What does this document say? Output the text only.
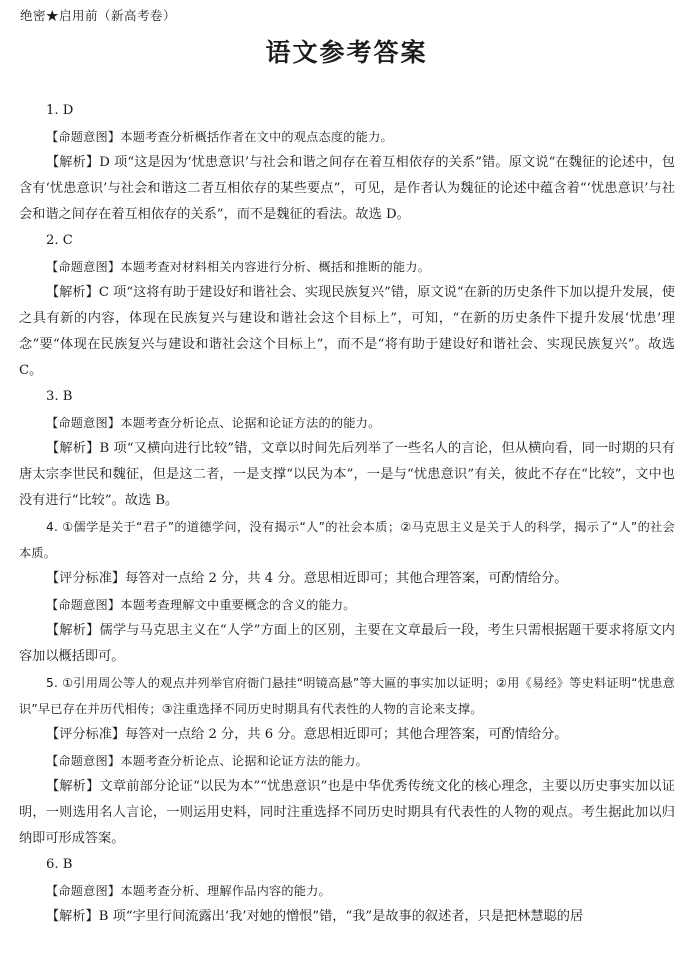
绝密★启用前（新高考卷）
语文参考答案

1. D

【命题意图】本题考查分析概括作者在文中的观点态度的能力。

【解析】D 项“这是因为‘忧患意识’与社会和谐之间存在着互相依存的关系”错。原文说“在魏征的论述中，包含有‘忧患意识’与社会和谐这二者互相依存的某些要点”，可见，是作者认为魏征的论述中蕴含着“‘忧患意识’与社会和谐之间存在着互相依存的关系”，而不是魏征的看法。故选 D。

2. C

【命题意图】本题考查对材料相关内容进行分析、概括和推断的能力。

【解析】C 项“这将有助于建设好和谐社会、实现民族复兴”错，原文说“在新的历史条件下加以提升发展，使之具有新的内容，体现在民族复兴与建设和谐社会这个目标上”，可知，“在新的历史条件下提升发展‘忧患’理念”要“体现在民族复兴与建设和谐社会这个目标上”，而不是“将有助于建设好和谐社会、实现民族复兴”。故选 C。

3. B

【命题意图】本题考查分析论点、论据和论证方法的的能力。

【解析】B 项“又横向进行比较”错，文章以时间先后列举了一些名人的言论，但从横向看，同一时期的只有唐太宗李世民和魏征，但是这二者，一是支撑“以民为本”，一是与“忧患意识”有关，彼此不存在“比较”，文中也没有进行“比较”。故选 B。

4. ①儒学是关于“君子”的道德学问，没有揭示“人”的社会本质；②马克思主义是关于人的科学，揭示了“人”的社会本质。

【评分标准】每答对一点给 2 分，共 4 分。意思相近即可；其他合理答案，可酌情给分。

【命题意图】本题考查理解文中重要概念的含义的能力。

【解析】儒学与马克思主义在“人学”方面上的区别，主要在文章最后一段，考生只需根据题干要求将原文内容加以概括即可。

5. ①引用周公等人的观点并列举官府衙门悬挂“明镜高悬”等大匾的事实加以证明；②用《易经》等史料证明“忧患意识”早已存在并历代相传；③注重选择不同历史时期具有代表性的人物的言论来支撑。

【评分标准】每答对一点给 2 分，共 6 分。意思相近即可；其他合理答案，可酌情给分。

【命题意图】本题考查分析论点、论据和论证方法的能力。

【解析】文章前部分论证“以民为本”“忧患意识”也是中华优秀传统文化的核心理念，主要以历史事实加以证明，一则选用名人言论，一则运用史料，同时注重选择不同历史时期具有代表性的人物的观点。考生据此加以归纳即可形成答案。

6. B

【命题意图】本题考查分析、理解作品内容的能力。

【解析】B 项“字里行间流露出‘我’对她的憎恨”错，“我”是故事的叙述者，只是把林慧聪的居
